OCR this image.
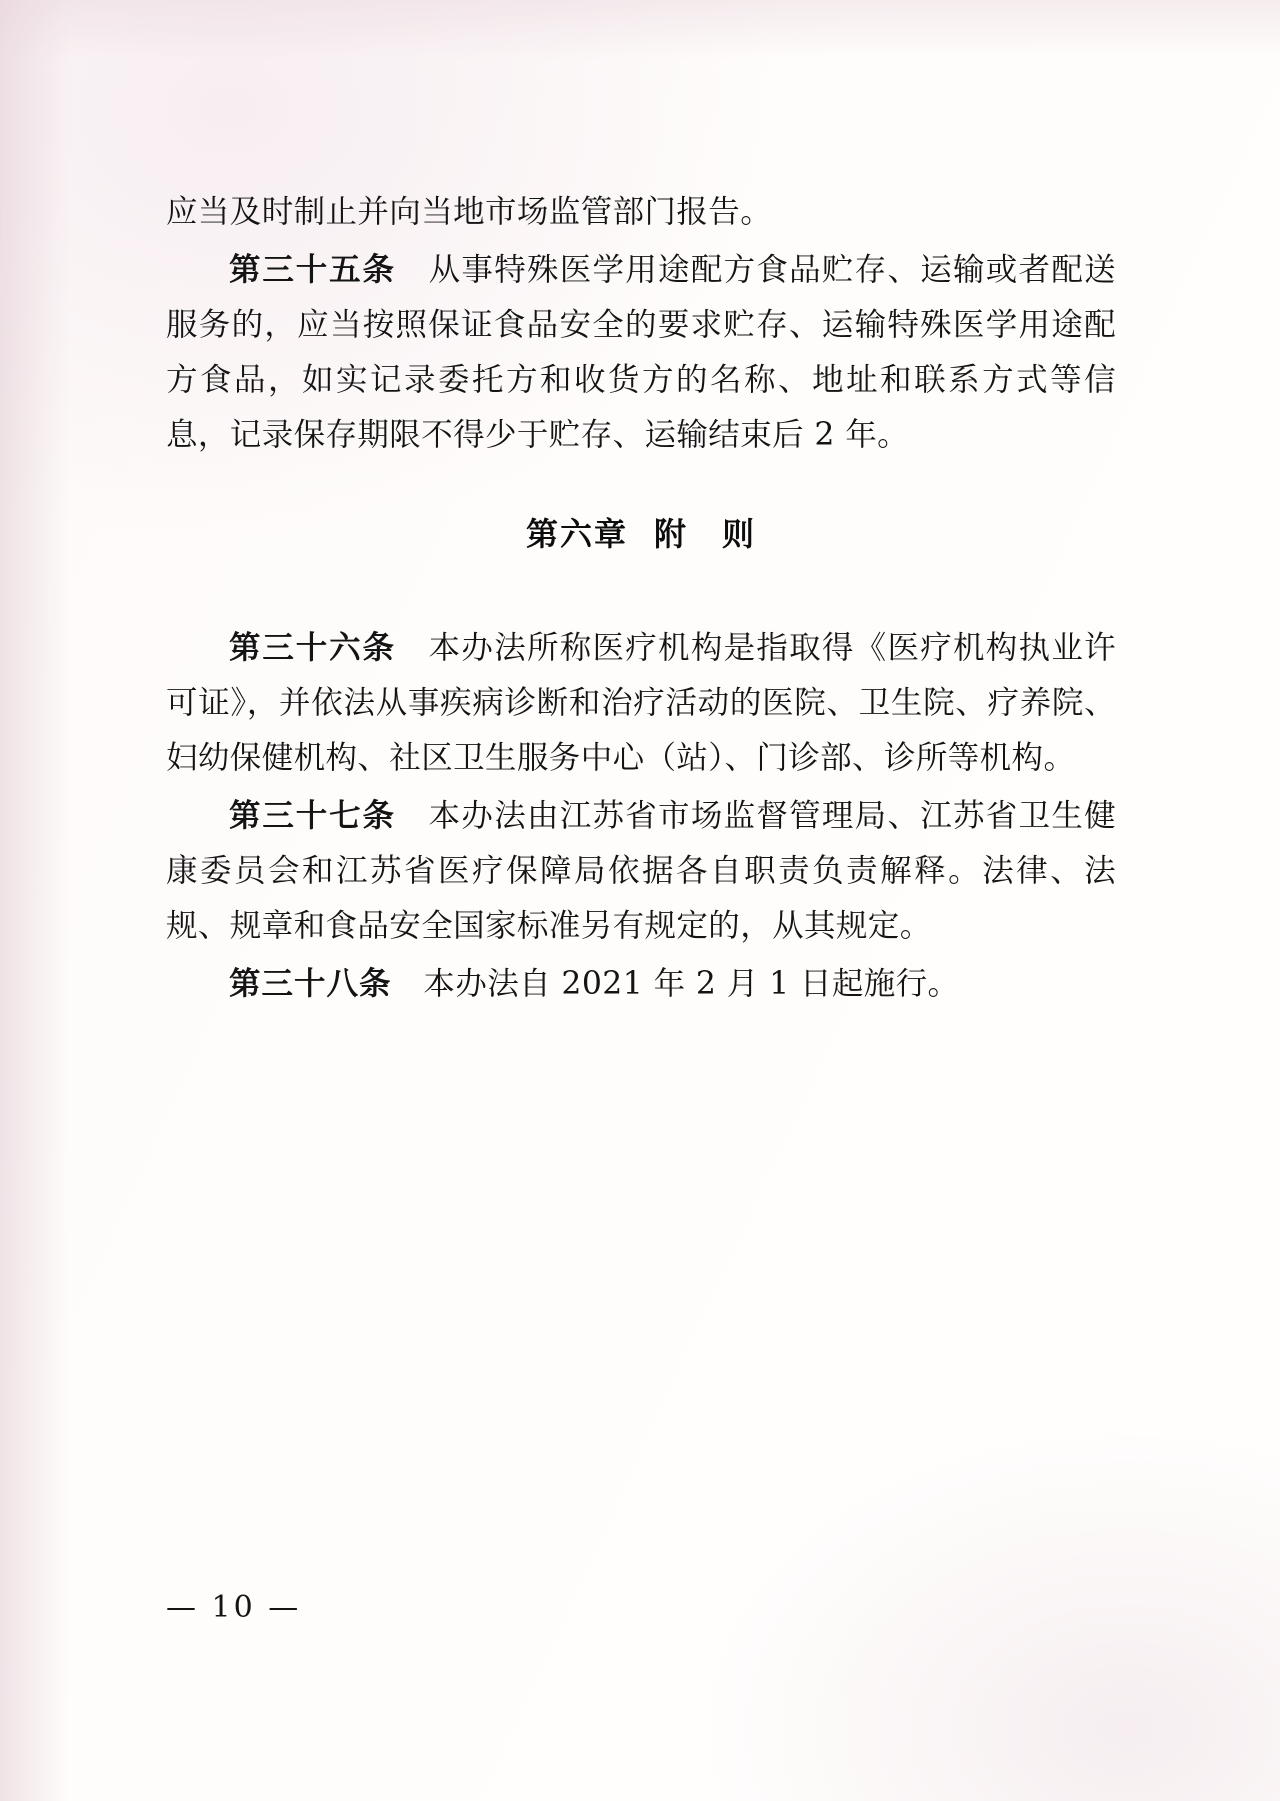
应当及时制止并向当地市场监管部门报告。

第三十五条　从事特殊医学用途配方食品贮存、运输或者配送服务的，应当按照保证食品安全的要求贮存、运输特殊医学用途配方食品，如实记录委托方和收货方的名称、地址和联系方式等信息，记录保存期限不得少于贮存、运输结束后 2 年。

第六章 附　则

第三十六条　本办法所称医疗机构是指取得《医疗机构执业许可证》，并依法从事疾病诊断和治疗活动的医院、卫生院、疗养院、妇幼保健机构、社区卫生服务中心（站）、门诊部、诊所等机构。

第三十七条　本办法由江苏省市场监督管理局、江苏省卫生健康委员会和江苏省医疗保障局依据各自职责负责解释。法律、法规、规章和食品安全国家标准另有规定的，从其规定。

第三十八条　本办法自 2021 年 2 月 1 日起施行。

— 10 —
